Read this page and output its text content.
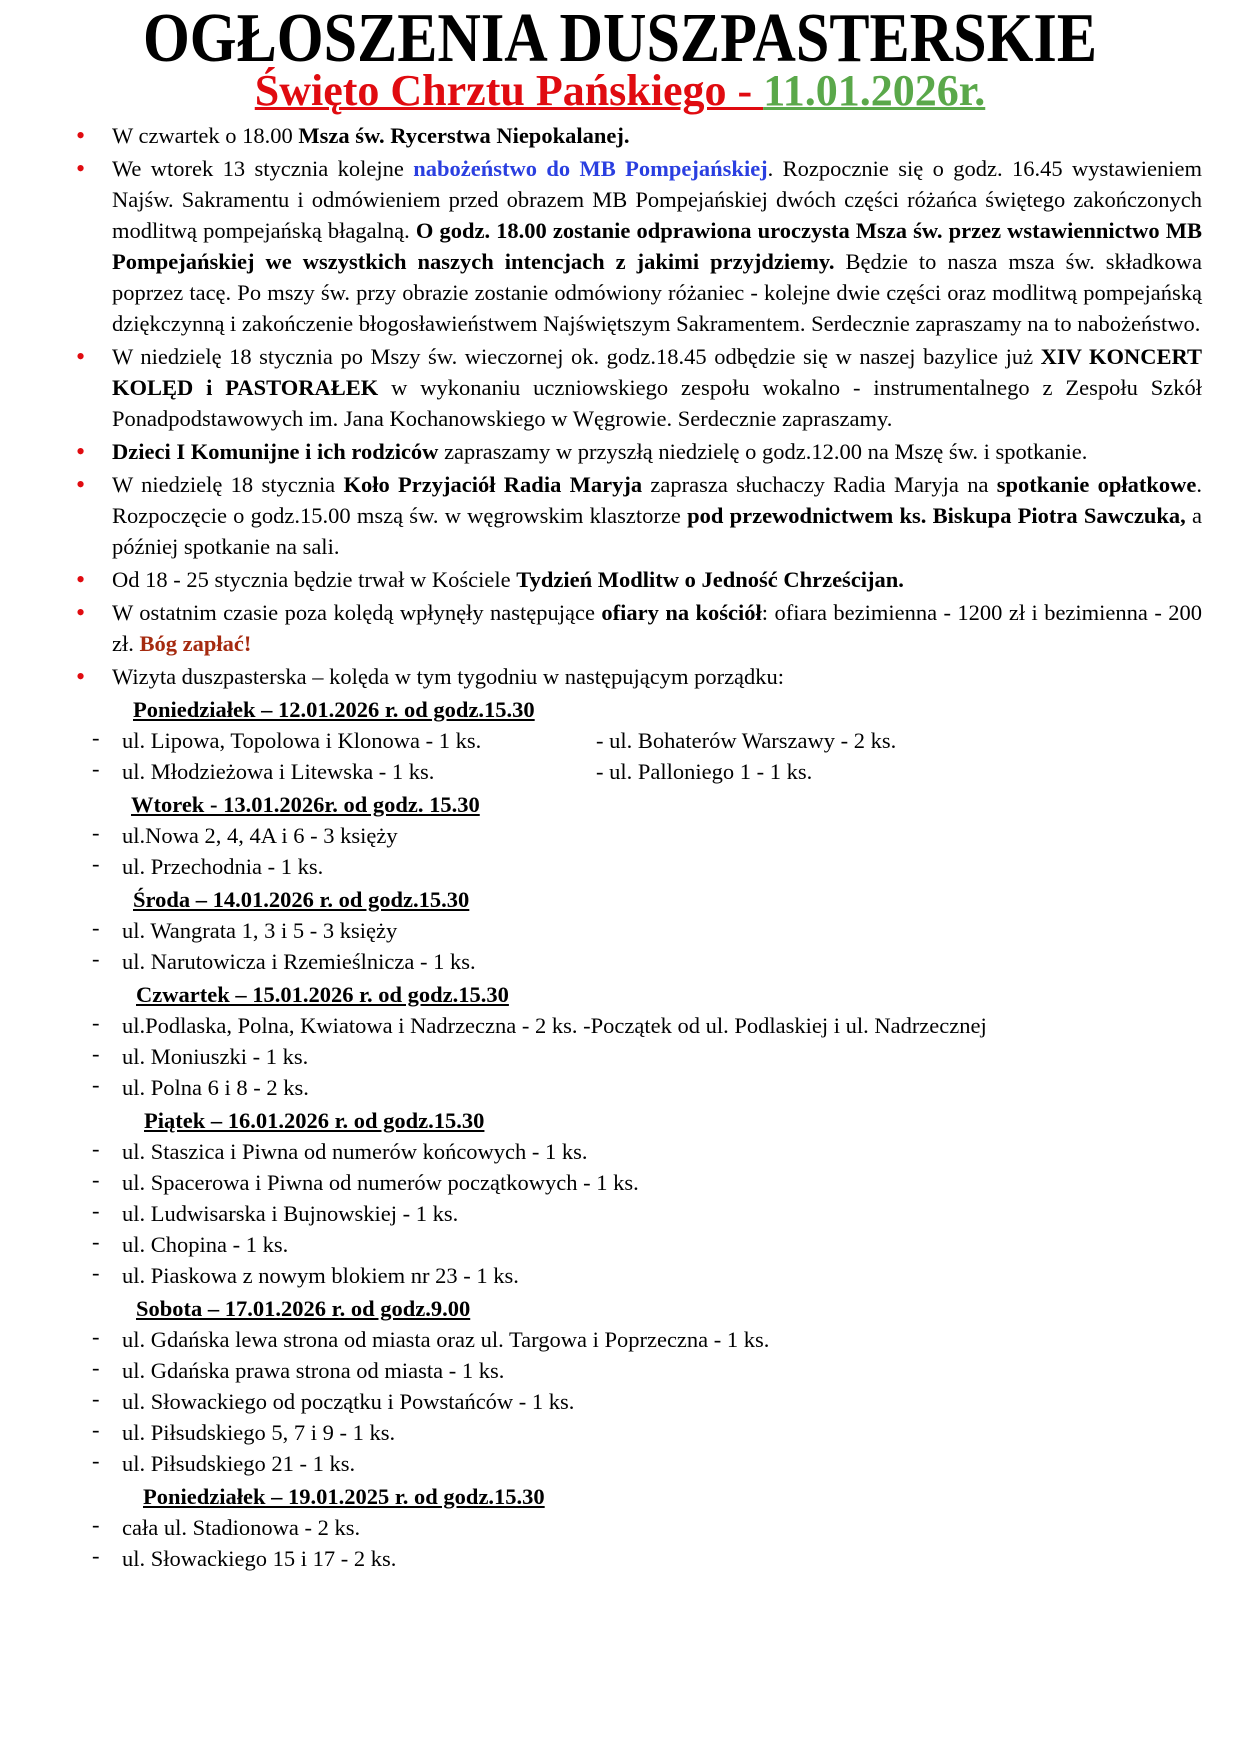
OGŁOSZENIA DUSZPASTERSKIE
Święto Chrztu Pańskiego - 11.01.2026r.
• W czwartek o 18.00 Msza św. Rycerstwa Niepokalanej.
• We wtorek 13 stycznia kolejne nabożeństwo do MB Pompejańskiej. Rozpocznie się o godz. 16.45 wystawieniem Najśw. Sakramentu i odmówieniem przed obrazem MB Pompejańskiej dwóch części różańca świętego zakończonych modlitwą pompejańską błagalną. O godz. 18.00 zostanie odprawiona uroczysta Msza św. przez wstawiennictwo MB Pompejańskiej we wszystkich naszych intencjach z jakimi przyjdziemy. Będzie to nasza msza św. składkowa poprzez tacę. Po mszy św. przy obrazie zostanie odmówiony różaniec - kolejne dwie części oraz modlitwą pompejańską dziękczynną i zakończenie błogosławieństwem Najświętszym Sakramentem. Serdecznie zapraszamy na to nabożeństwo.
• W niedzielę 18 stycznia po Mszy św. wieczornej ok. godz.18.45 odbędzie się w naszej bazylice już XIV KONCERT KOLĘD i PASTORAŁEK w wykonaniu uczniowskiego zespołu wokalno - instrumentalnego z Zespołu Szkół Ponadpodstawowych im. Jana Kochanowskiego w Węgrowie. Serdecznie zapraszamy.
• Dzieci I Komunijne i ich rodziców zapraszamy w przyszłą niedzielę o godz.12.00 na Mszę św. i spotkanie.
• W niedzielę 18 stycznia Koło Przyjaciół Radia Maryja zaprasza słuchaczy Radia Maryja na spotkanie opłatkowe. Rozpoczęcie o godz.15.00 mszą św. w węgrowskim klasztorze pod przewodnictwem ks. Biskupa Piotra Sawczuka, a później spotkanie na sali.
• Od 18 - 25 stycznia będzie trwał w Kościele Tydzień Modlitw o Jedność Chrześcijan.
• W ostatnim czasie poza kolędą wpłynęły następujące ofiary na kościół: ofiara bezimienna - 1200 zł i bezimienna - 200 zł. Bóg zapłać!
• Wizyta duszpasterska – kolęda w tym tygodniu w następującym porządku:
Poniedziałek – 12.01.2026 r. od godz.15.30
- ul. Lipowa, Topolowa i Klonowa - 1 ks.	- ul. Bohaterów Warszawy - 2 ks.
- ul. Młodzieżowa i Litewska - 1 ks.	- ul. Palloniego 1 - 1 ks.
Wtorek - 13.01.2026r. od godz. 15.30
- ul.Nowa 2, 4, 4A i 6 - 3 księży
- ul. Przechodnia - 1 ks.
Środa – 14.01.2026 r. od godz.15.30
- ul. Wangrata 1, 3 i 5 - 3 księży
- ul. Narutowicza i Rzemieślnicza - 1 ks.
Czwartek – 15.01.2026 r. od godz.15.30
- ul.Podlaska, Polna, Kwiatowa i Nadrzeczna - 2 ks. -Początek od ul. Podlaskiej i ul. Nadrzecznej
- ul. Moniuszki - 1 ks.
- ul. Polna 6 i 8 - 2 ks.
Piątek – 16.01.2026 r. od godz.15.30
- ul. Staszica i Piwna od numerów końcowych - 1 ks.
- ul. Spacerowa i Piwna od numerów początkowych - 1 ks.
- ul. Ludwisarska i Bujnowskiej - 1 ks.
- ul. Chopina - 1 ks.
- ul. Piaskowa z nowym blokiem nr 23 - 1 ks.
Sobota – 17.01.2026 r. od godz.9.00
- ul. Gdańska lewa strona od miasta oraz ul. Targowa i Poprzeczna - 1 ks.
- ul. Gdańska prawa strona od miasta - 1 ks.
- ul. Słowackiego od początku i Powstańców - 1 ks.
- ul. Piłsudskiego 5, 7 i 9 - 1 ks.
- ul. Piłsudskiego 21 - 1 ks.
Poniedziałek – 19.01.2025 r. od godz.15.30
- cała ul. Stadionowa - 2 ks.
- ul. Słowackiego 15 i 17 - 2 ks.
